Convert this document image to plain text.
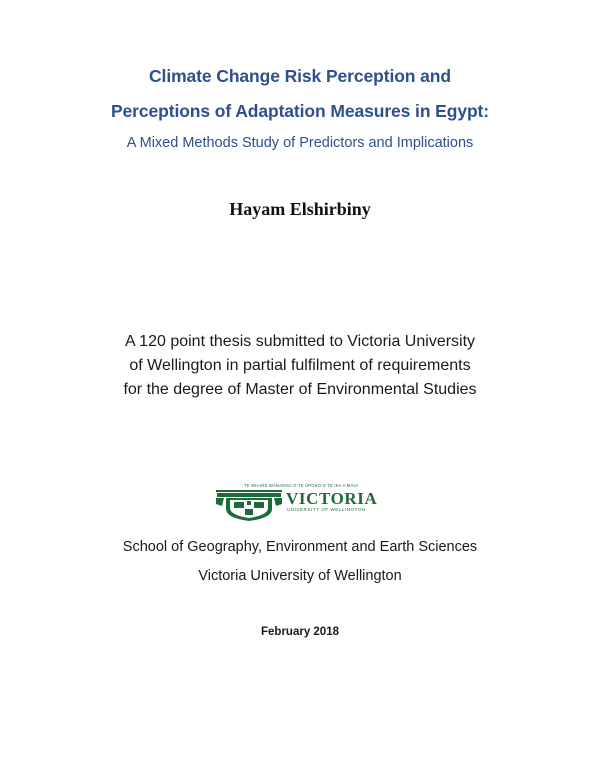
Climate Change Risk Perception and
Perceptions of Adaptation Measures in Egypt:
A Mixed Methods Study of Predictors and Implications
Hayam Elshirbiny
A 120 point thesis submitted to Victoria University
of Wellington in partial fulfilment of requirements
for the degree of Master of Environmental Studies
TE WHARE WĀNANGA O TE ŪPOKO O TE IKA A MĀUI
VICTORIA
UNIVERSITY OF WELLINGTON
School of Geography, Environment and Earth Sciences
Victoria University of Wellington
February 2018
